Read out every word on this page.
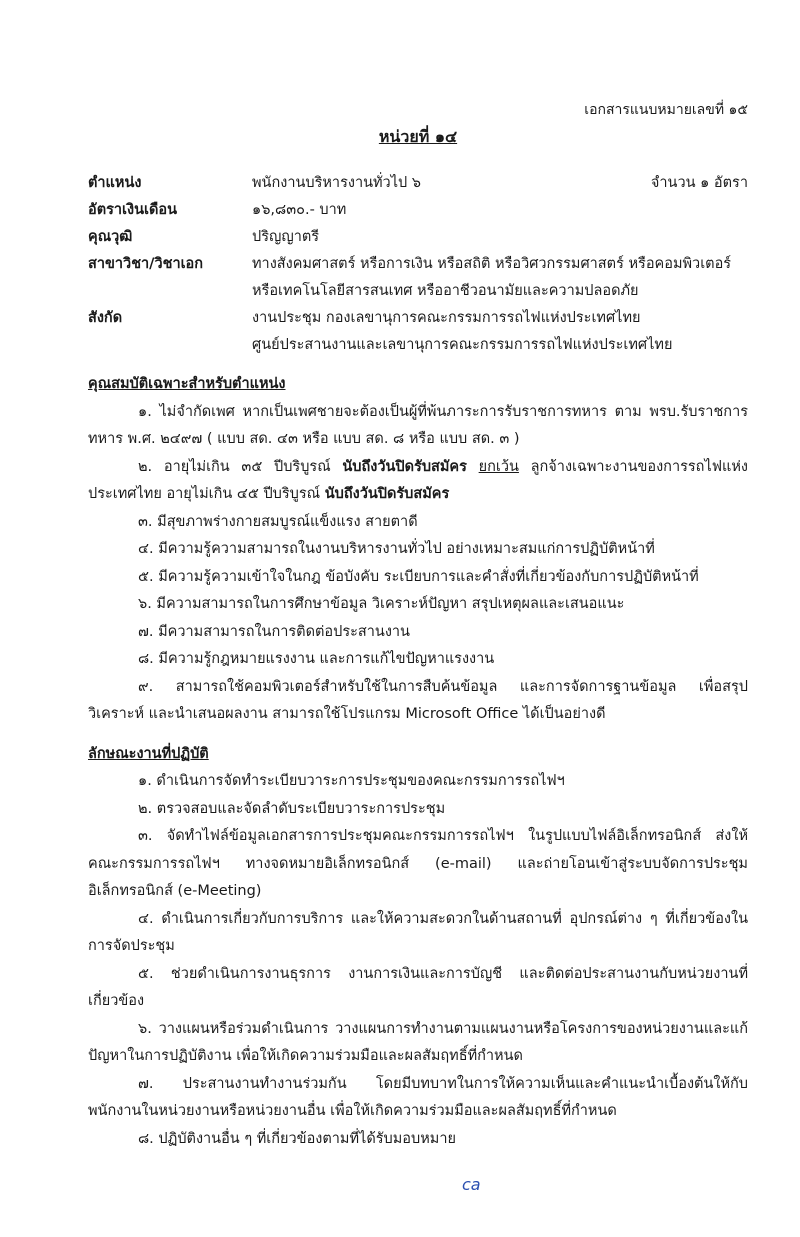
เอกสารแนบหมายเลขที่ ๑๕
หน่วยที่ ๑๔
ตำแหน่ง	พนักงานบริหารงานทั่วไป ๖	จำนวน ๑ อัตรา
อัตราเงินเดือน	๑๖,๘๓๐.- บาท
คุณวุฒิ	ปริญญาตรี
สาขาวิชา/วิชาเอก	ทางสังคมศาสตร์ หรือการเงิน หรือสถิติ หรือวิศวกรรมศาสตร์ หรือคอมพิวเตอร์
หรือเทคโนโลยีสารสนเทศ หรืออาชีวอนามัยและความปลอดภัย
สังกัด	งานประชุม กองเลขานุการคณะกรรมการรถไฟแห่งประเทศไทย
ศูนย์ประสานงานและเลขานุการคณะกรรมการรถไฟแห่งประเทศไทย
คุณสมบัติเฉพาะสำหรับตำแหน่ง

๑. ไม่จำกัดเพศ หากเป็นเพศชายจะต้องเป็นผู้ที่พ้นภาระการรับราชการทหาร ตาม พรบ.รับราชการทหาร พ.ศ. ๒๔๙๗ ( แบบ สด. ๔๓ หรือ แบบ สด. ๘ หรือ แบบ สด. ๓ )

๒. อายุไม่เกิน ๓๕ ปีบริบูรณ์ นับถึงวันปิดรับสมัคร ยกเว้น ลูกจ้างเฉพาะงานของการรถไฟแห่งประเทศไทย อายุไม่เกิน ๔๕ ปีบริบูรณ์ นับถึงวันปิดรับสมัคร

๓. มีสุขภาพร่างกายสมบูรณ์แข็งแรง สายตาดี

๔. มีความรู้ความสามารถในงานบริหารงานทั่วไป อย่างเหมาะสมแก่การปฏิบัติหน้าที่

๕. มีความรู้ความเข้าใจในกฎ ข้อบังคับ ระเบียบการและคำสั่งที่เกี่ยวข้องกับการปฏิบัติหน้าที่

๖. มีความสามารถในการศึกษาข้อมูล วิเคราะห์ปัญหา สรุปเหตุผลและเสนอแนะ

๗. มีความสามารถในการติดต่อประสานงาน

๘. มีความรู้กฎหมายแรงงาน และการแก้ไขปัญหาแรงงาน

๙. สามารถใช้คอมพิวเตอร์สำหรับใช้ในการสืบค้นข้อมูล และการจัดการฐานข้อมูล เพื่อสรุปวิเคราะห์ และนำเสนอผลงาน สามารถใช้โปรแกรม Microsoft Office ได้เป็นอย่างดี

ลักษณะงานที่ปฏิบัติ

๑. ดำเนินการจัดทำระเบียบวาระการประชุมของคณะกรรมการรถไฟฯ

๒. ตรวจสอบและจัดลำดับระเบียบวาระการประชุม

๓. จัดทำไฟล์ข้อมูลเอกสารการประชุมคณะกรรมการรถไฟฯ ในรูปแบบไฟล์อิเล็กทรอนิกส์ ส่งให้คณะกรรมการรถไฟฯ ทางจดหมายอิเล็กทรอนิกส์ (e-mail) และถ่ายโอนเข้าสู่ระบบจัดการประชุมอิเล็กทรอนิกส์ (e-Meeting)

๔. ดำเนินการเกี่ยวกับการบริการ และให้ความสะดวกในด้านสถานที่ อุปกรณ์ต่าง ๆ ที่เกี่ยวข้องในการจัดประชุม

๕. ช่วยดำเนินการงานธุรการ งานการเงินและการบัญชี และติดต่อประสานงานกับหน่วยงานที่เกี่ยวข้อง

๖. วางแผนหรือร่วมดำเนินการ วางแผนการทำงานตามแผนงานหรือโครงการของหน่วยงานและแก้ปัญหาในการปฏิบัติงาน เพื่อให้เกิดความร่วมมือและผลสัมฤทธิ์ที่กำหนด

๗. ประสานงานทำงานร่วมกัน โดยมีบทบาทในการให้ความเห็นและคำแนะนำเบื้องต้นให้กับพนักงานในหน่วยงานหรือหน่วยงานอื่น เพื่อให้เกิดความร่วมมือและผลสัมฤทธิ์ที่กำหนด

๘. ปฏิบัติงานอื่น ๆ ที่เกี่ยวข้องตามที่ได้รับมอบหมาย

ca
